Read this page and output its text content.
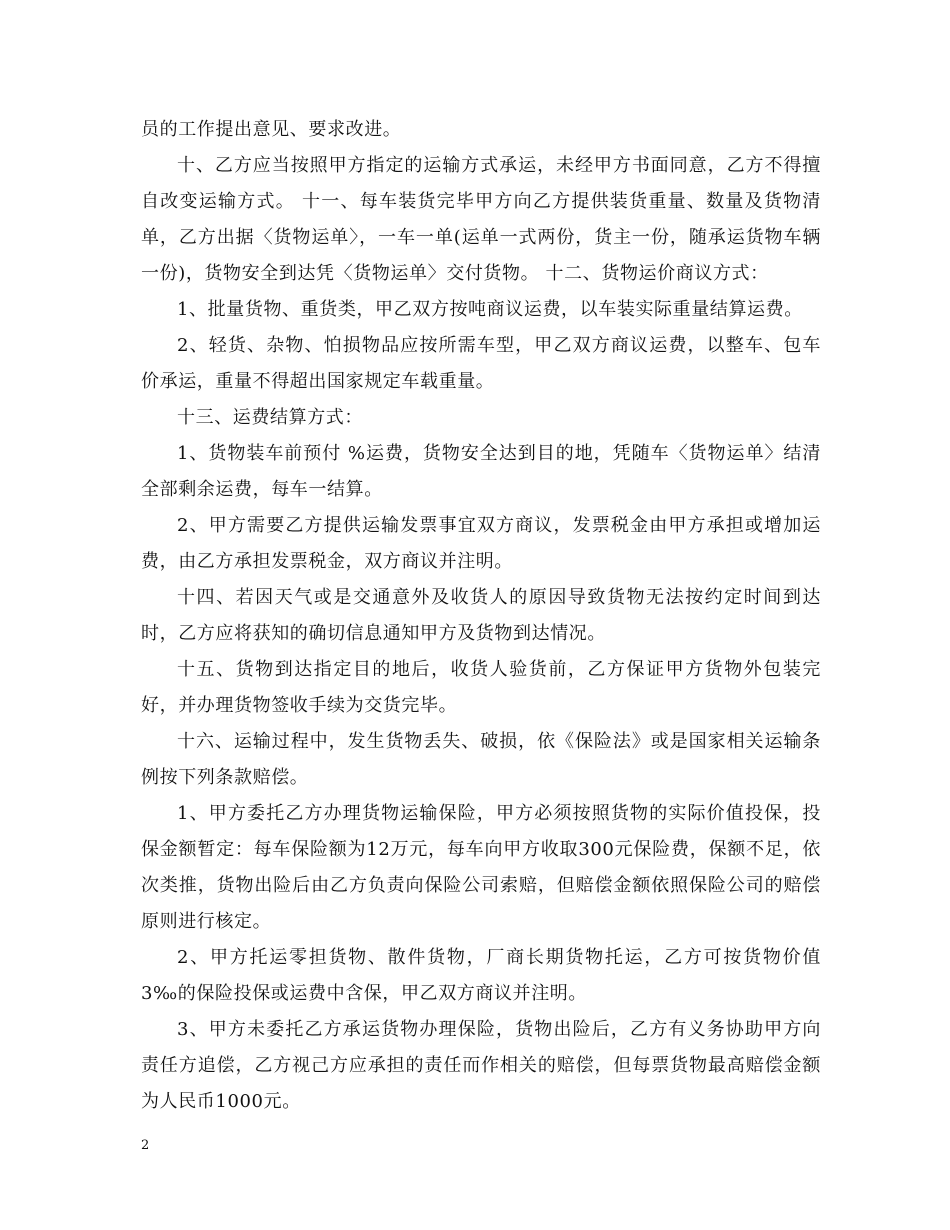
员的工作提出意见、要求改进。

十、乙方应当按照甲方指定的运输方式承运，未经甲方书面同意，乙方不得擅自改变运输方式。 十一、每车装货完毕甲方向乙方提供装货重量、数量及货物清单，乙方出据〈货物运单〉，一车一单(运单一式两份，货主一份，随承运货物车辆一份)，货物安全到达凭〈货物运单〉交付货物。 十二、货物运价商议方式：

1、批量货物、重货类，甲乙双方按吨商议运费，以车装实际重量结算运费。

2、轻货、杂物、怕损物品应按所需车型，甲乙双方商议运费，以整车、包车价承运，重量不得超出国家规定车载重量。

十三、运费结算方式：

1、货物装车前预付 %运费，货物安全达到目的地，凭随车〈货物运单〉结清全部剩余运费，每车一结算。

2、甲方需要乙方提供运输发票事宜双方商议，发票税金由甲方承担或增加运费，由乙方承担发票税金，双方商议并注明。

十四、若因天气或是交通意外及收货人的原因导致货物无法按约定时间到达时，乙方应将获知的确切信息通知甲方及货物到达情况。

十五、货物到达指定目的地后，收货人验货前，乙方保证甲方货物外包装完好，并办理货物签收手续为交货完毕。

十六、运输过程中，发生货物丢失、破损，依《保险法》或是国家相关运输条例按下列条款赔偿。

1、甲方委托乙方办理货物运输保险，甲方必须按照货物的实际价值投保，投保金额暂定：每车保险额为12万元，每车向甲方收取300元保险费，保额不足，依次类推，货物出险后由乙方负责向保险公司索赔，但赔偿金额依照保险公司的赔偿原则进行核定。

2、甲方托运零担货物、散件货物，厂商长期货物托运，乙方可按货物价值3‰的保险投保或运费中含保，甲乙双方商议并注明。

3、甲方未委托乙方承运货物办理保险，货物出险后，乙方有义务协助甲方向责任方追偿，乙方视己方应承担的责任而作相关的赔偿，但每票货物最高赔偿金额为人民币1000元。

2
